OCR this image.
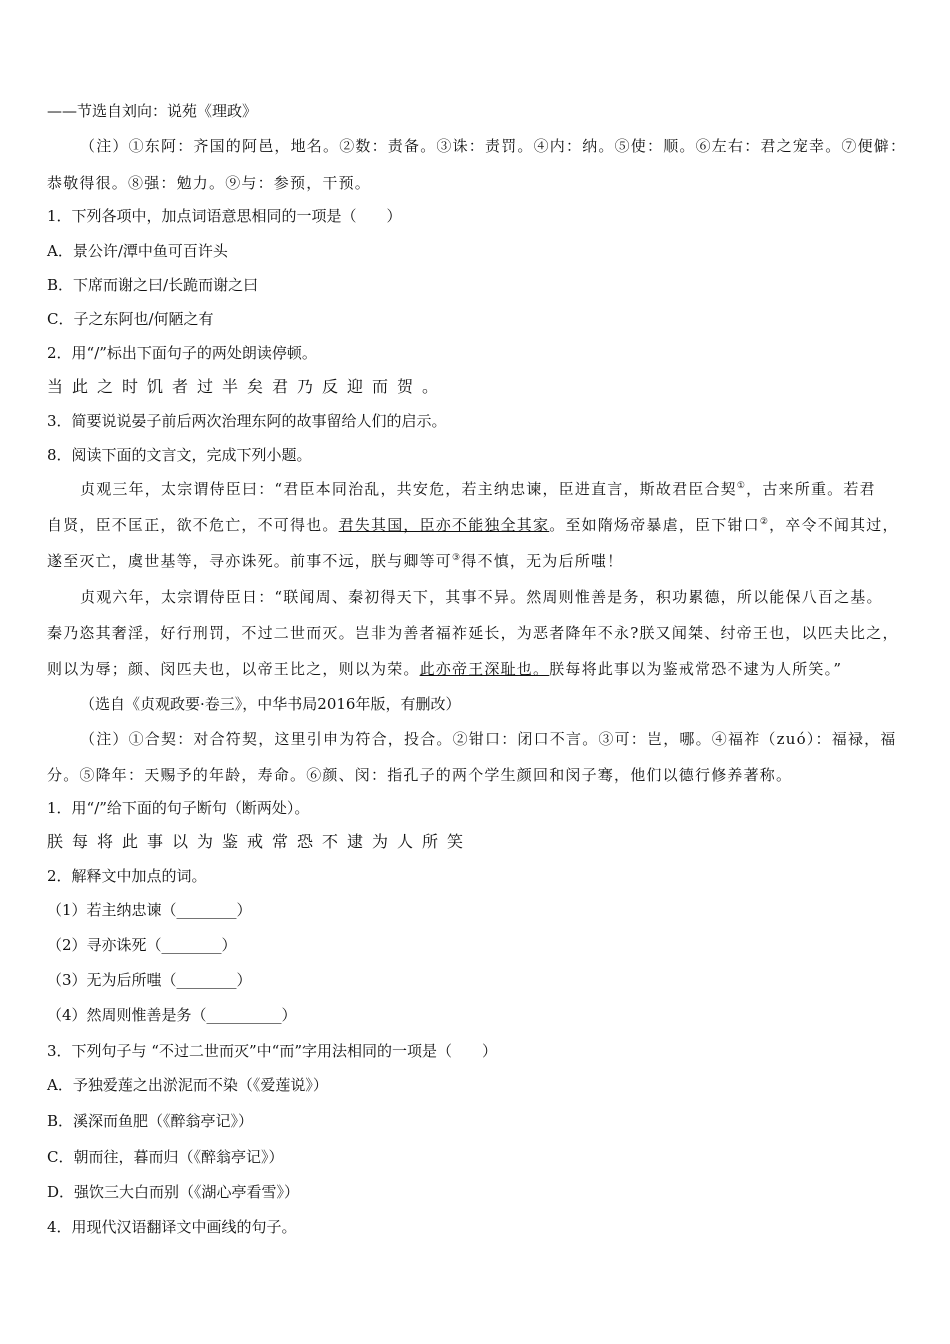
——节选自刘向：说苑《理政》
（注）①东阿：齐国的阿邑，地名。②数：责备。③诛：责罚。④内：纳。⑤使：顺。⑥左右：君之宠幸。⑦便僻：
恭敬得很。⑧强：勉力。⑨与：参预，干预。
1．下列各项中，加点词语意思相同的一项是（　　）
A．景公许/潭中鱼可百许头
B．下席而谢之曰/长跪而谢之曰
C．子之东阿也/何陋之有
2．用“/”标出下面句子的两处朗读停顿。
当此之时饥者过半矣君乃反迎而贺。
3．简要说说晏子前后两次治理东阿的故事留给人们的启示。
8．阅读下面的文言文，完成下列小题。
贞观三年，太宗谓侍臣曰：“君臣本同治乱，共安危，若主纳忠谏，臣进直言，斯故君臣合契①，古来所重。若君
自贤，臣不匡正，欲不危亡，不可得也。君失其国，臣亦不能独全其家。至如隋炀帝暴虐，臣下钳口②，卒令不闻其过，
遂至灭亡，虞世基等，寻亦诛死。前事不远，朕与卿等可③得不慎，无为后所嗤！
贞观六年，太宗谓侍臣日：“联闻周、秦初得天下，其事不异。然周则惟善是务，积功累德，所以能保八百之基。
秦乃恣其奢淫，好行刑罚，不过二世而灭。岂非为善者福祚延长，为恶者降年不永?朕又闻桀、纣帝王也，以匹夫比之，
则以为辱；颜、闵匹夫也，以帝王比之，则以为荣。此亦帝王深耻也。朕每将此事以为鉴戒常恐不逮为人所笑。”
（选自《贞观政要·卷三》，中华书局2016年版，有删改）
（注）①合契：对合符契，这里引申为符合，投合。②钳口：闭口不言。③可：岂，哪。④福祚（zuó）：福禄，福
分。⑤降年：天赐予的年龄，寿命。⑥颜、闵：指孔子的两个学生颜回和闵子骞，他们以德行修养著称。
1．用“/”给下面的句子断句（断两处）。
朕每将此事以为鉴戒常恐不逮为人所笑
2．解释文中加点的词。
（1）若主纳忠谏（________）
（2）寻亦诛死（________）
（3）无为后所嗤（________）
（4）然周则惟善是务（__________）
3．下列句子与 “不过二世而灭”中“而”字用法相同的一项是（　　）
A．予独爱莲之出淤泥而不染（《爱莲说》）
B．溪深而鱼肥（《醉翁亭记》）
C．朝而往，暮而归（《醉翁亭记》）
D．强饮三大白而别（《湖心亭看雪》）
4．用现代汉语翻译文中画线的句子。
